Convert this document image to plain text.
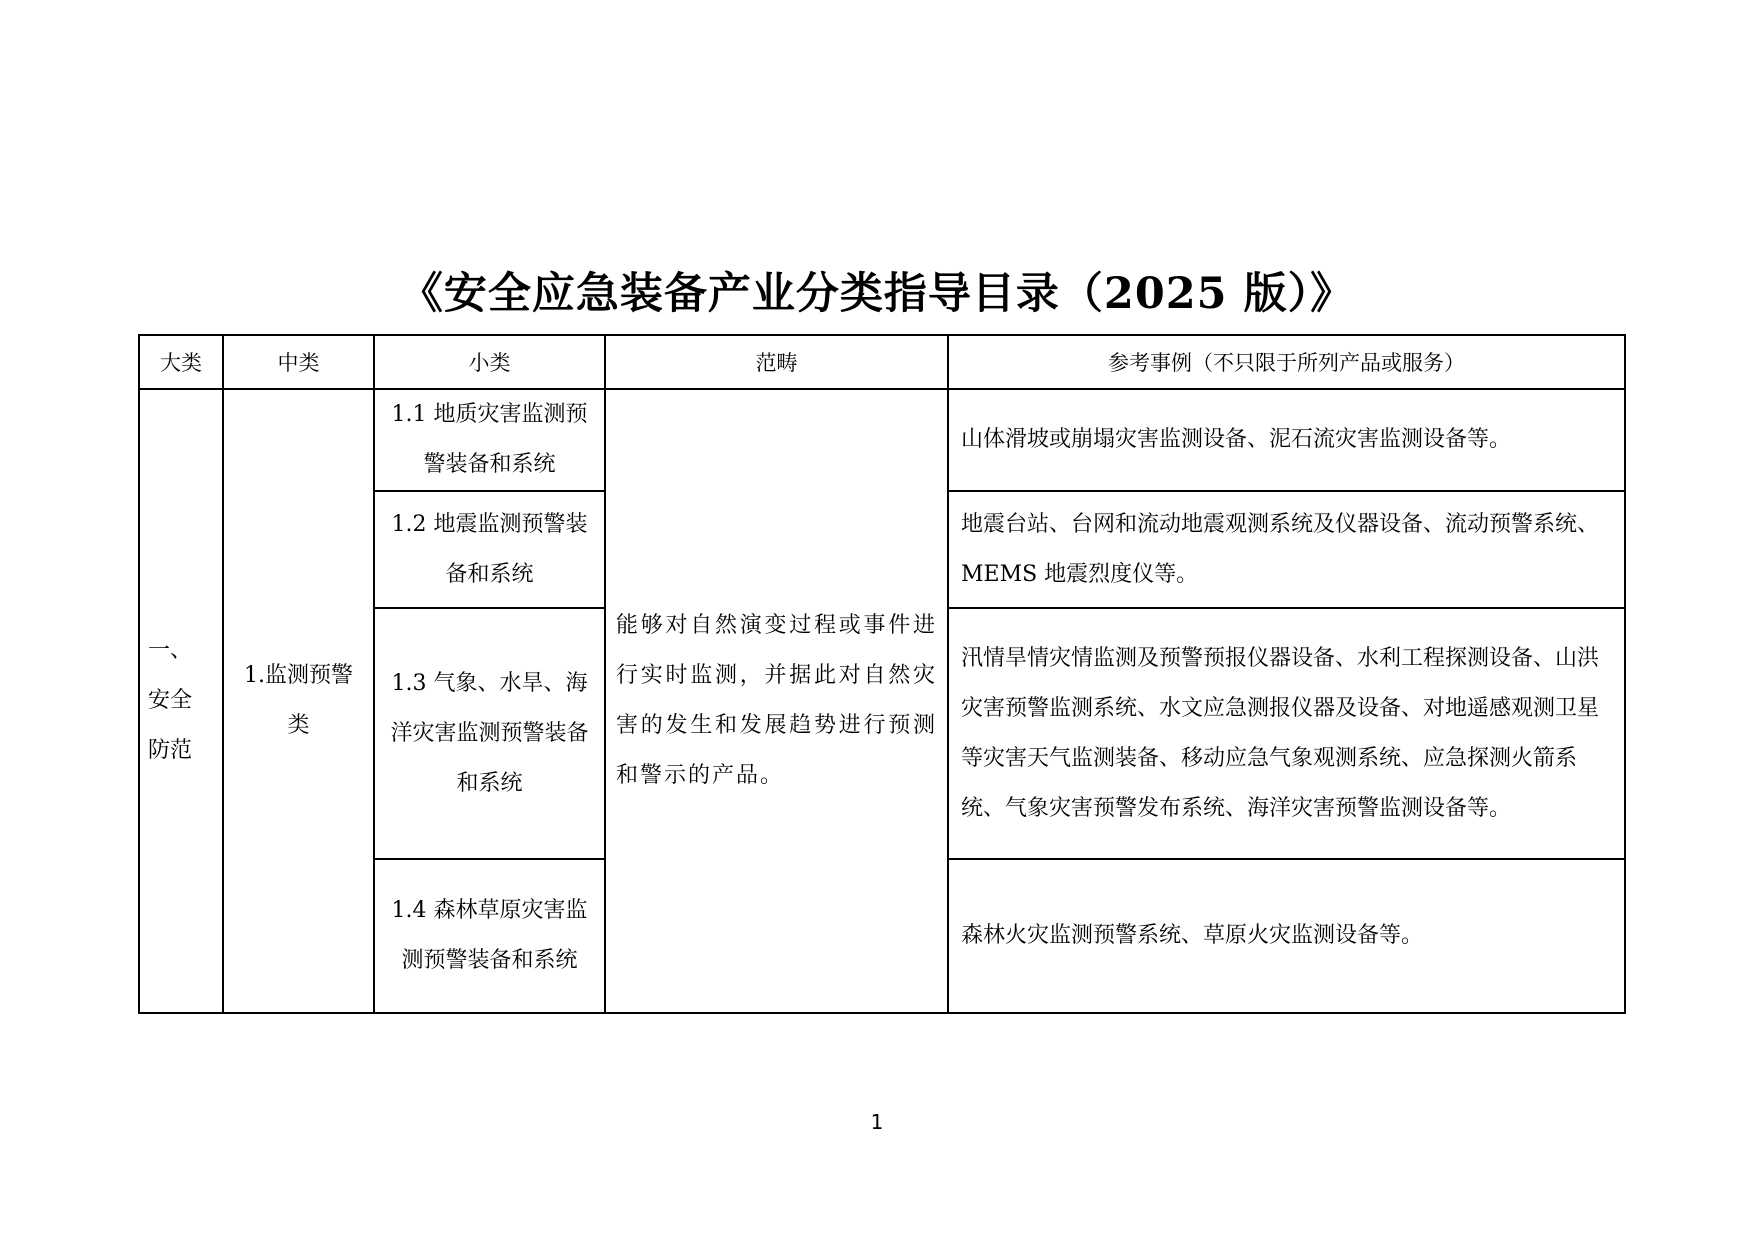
《安全应急装备产业分类指导目录（2025 版）》
大类	中类	小类	范畴	参考事例（不只限于所列产品或服务）

一、
安全
防范	1.监测预警类	1.1 地质灾害监测预警装备和系统	能够对自然演变过程或事件进行实时监测，并据此对自然灾害的发生和发展趋势进行预测和警示的产品。	山体滑坡或崩塌灾害监测设备、泥石流灾害监测设备等。
		1.2 地震监测预警装备和系统		地震台站、台网和流动地震观测系统及仪器设备、流动预警系统、MEMS 地震烈度仪等。
		1.3 气象、水旱、海洋灾害监测预警装备和系统		汛情旱情灾情监测及预警预报仪器设备、水利工程探测设备、山洪灾害预警监测系统、水文应急测报仪器及设备、对地遥感观测卫星等灾害天气监测装备、移动应急气象观测系统、应急探测火箭系统、气象灾害预警发布系统、海洋灾害预警监测设备等。
		1.4 森林草原灾害监测预警装备和系统		森林火灾监测预警系统、草原火灾监测设备等。
1
